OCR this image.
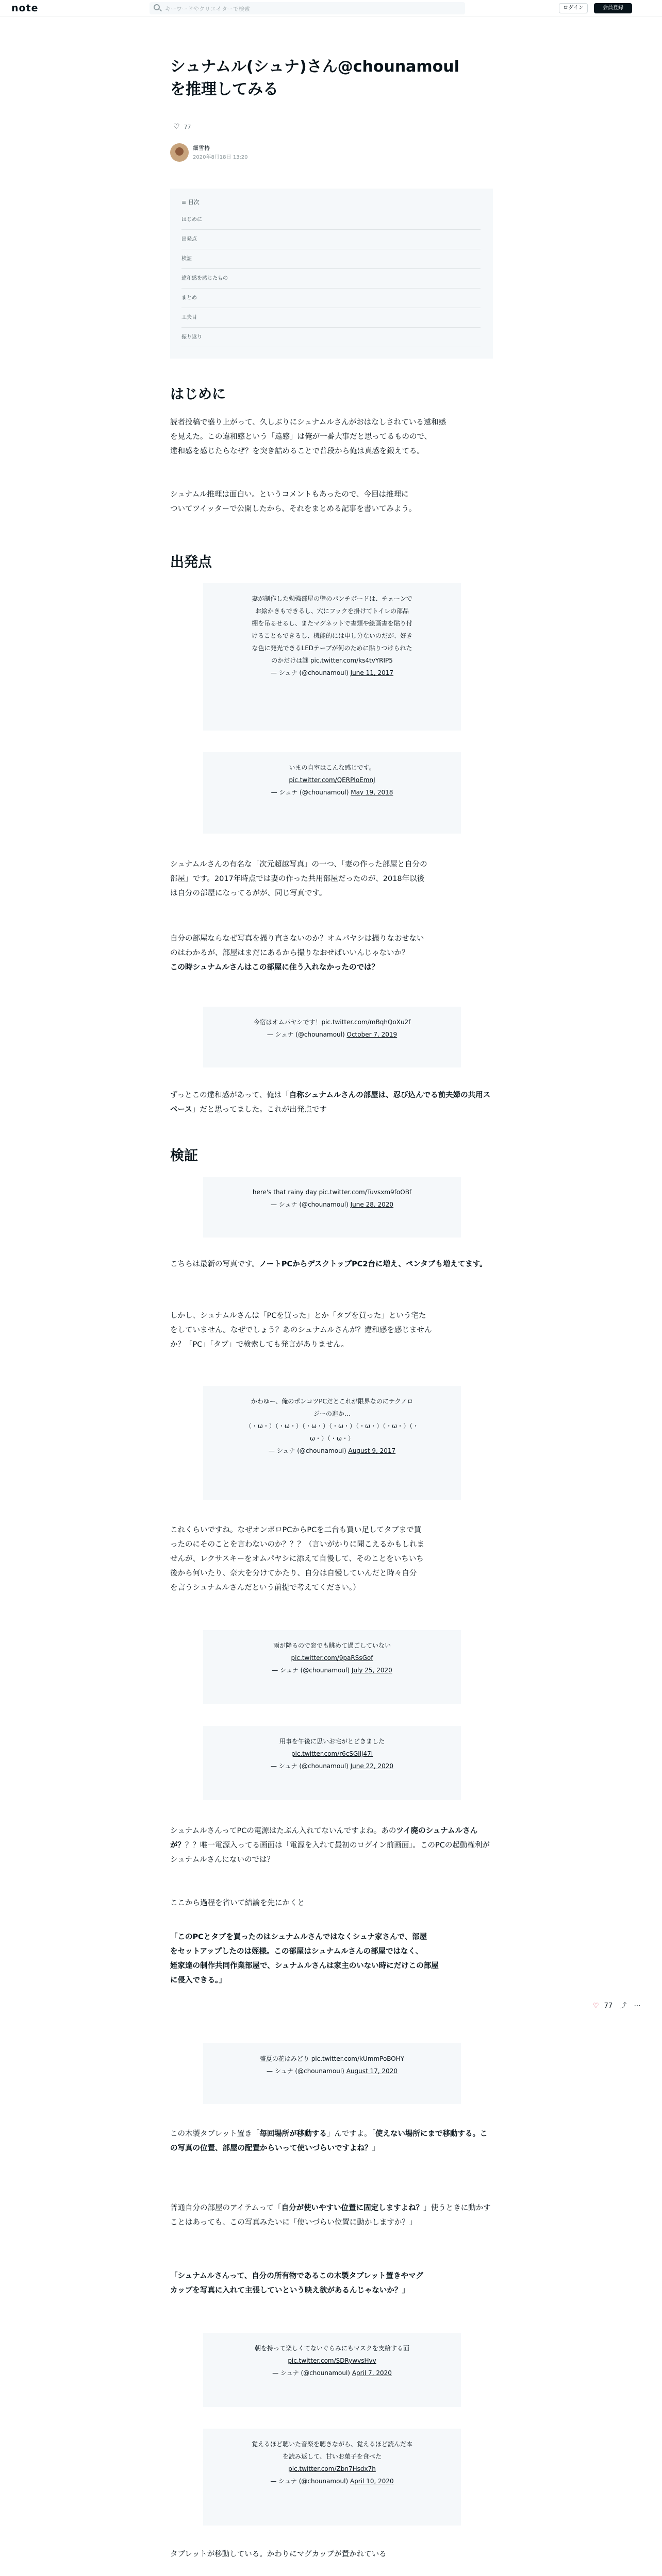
note	キーワードやクリエイターで検索	ログイン	会員登録
シュナムル(シュナ)さん@chounamoul
を推理してみる
♡ 77
細雪椿
2020年8月18日 13:20
≡ 目次
はじめに
出発点
検証
違和感を感じたもの
まとめ
工夫目
振り返り
はじめに
読者投稿で盛り上がって、久しぶりにシュナムルさんがおはなしされている遠和感
を見えた。この違和感という「遠感」は俺が一番大事だと思ってるものので、
違和感を感じたらなぜ？を突き詰めることで普段から俺は真感を鍛えてる。
シュナムル推理は面白い。というコメントもあったので、今回は推理に
ついてツイッターで公開したから、それをまとめる記事を書いてみよう。
出発点
妻が制作した勉強部屋の壁のパンチボードは、チェーンで
お絵かきもできるし、穴にフックを掛けてトイレの部品
棚を吊るせるし、またマグネットで書類や絵画書を貼り付
けることもできるし、機能的には申し分ないのだが、好き
な色に発光できるLEDテープが何のために貼りつけられた
のかだけは謎 pic.twitter.com/ks4tvYRIP5
— シュナ (@chounamoul) June 11, 2017
いまの自室はこんな感じです。
pic.twitter.com/QERPIoEmnJ
— シュナ (@chounamoul) May 19, 2018
シュナムルさんの有名な「次元超越写真」の一つ、「妻の作った部屋と自分の
部屋」です。2017年時点では妻の作った共用部屋だったのが、2018年以後
は自分の部屋になってるがが、同じ写真です。
自分の部屋ならなぜ写真を撮り直さないのか？オムパヤシは撮りなおせない
のはわかるが、部屋はまだにあるから撮りなおせばいいんじゃないか？
この時シュナムルさんはこの部屋に住う入れなかったのでは？
今宿はオムパヤシです！pic.twitter.com/mBqhQoXu2f
— シュナ (@chounamoul) October 7, 2019
ずっとこの違和感があって、俺は「自称シュナムルさんの部屋は、忍び込んでる前夫婦の共用スペース」だと思ってました。これが出発点です
検証
here's that rainy day pic.twitter.com/Tuvsxm9foOBf
— シュナ (@chounamoul) June 28, 2020
こちらは最新の写真です。ノートPCからデスクトップPC2台に増え、ペンタブも増えてます。
しかし、シュナムルさんは「PCを買った」とか「タブを買った」という宅た
をしていません。なぜでしょう？あのシュナムルさんが？違和感を感じません
か？「PC」「タブ」で検索しても発言がありません。
かわゆー、俺のポンコツPCだとこれが限界なのにテクノロ
ジーの進か…
（・ω・）（・ω・）（・ω・）（・ω・）（・ω・）（・ω・）（・
ω・）（・ω・）
— シュナ (@chounamoul) August 9, 2017
これくらいですね。なぜオンボロPCからPCを二台も買い足してタブまで買
ったのにそのことを言わないのか？？？（言いがかりに聞こえるかもしれま
せんが、レクサスキーをオムパヤシに添えて自慢して、そのことをいちいち
後から何いたり、奈大を分けてかたり、自分は自慢していんだと時々自分
を言うシュナムルさんだという前提で考えてください。）
雨が降るので窓でも眺めて過ごしていない
pic.twitter.com/9paRSsGof
— シュナ (@chounamoul) July 25, 2020
用事を午後に思いお宅がとどきました
pic.twitter.com/r6cSGIlj47i
— シュナ (@chounamoul) June 22, 2020
シュナムルさんってPCの電源はたぶん入れてないんですよね。あのツイ廃のシュナムルさんが？？？唯一電源入ってる画面は「電源を入れて最初のログイン前画面」。このPCの起動権利がシュナムルさんにないのでは？
ここから過程を省いて結論を先にかくと
「このPCとタブを買ったのはシュナムルさんではなくシュナ家さんで、部屋
をセットアップしたのは姪様。この部屋はシュナムルさんの部屋ではなく、
姪家達の制作共同作業部屋で、シュナムルさんは家主のいない時にだけこの部屋
に侵入できる。」
盛夏の花はみどり pic.twitter.com/kUmmPoBOHY
— シュナ (@chounamoul) August 17, 2020
この木製タブレット置き「毎回場所が移動する」んですよ。「使えない場所にまで移動する。この写真の位置、部屋の配置からいって使いづらいですよね？」
普通自分の部屋のアイテムって「自分が使いやすい位置に固定しますよね？」使うときに動かすことはあっても、この写真みたいに「使いづらい位置に動かしますか？」
「シュナムルさんって、自分の所有物であるこの木製タブレット置きやマグ
カップを写真に入れて主張していという映え欲があるんじゃないか？」
朝を持って楽しくてないぐらみにもマスクを支給する面
pic.twitter.com/SDRywvsHvv
— シュナ (@chounamoul) April 7, 2020
覚えるほど聴いた音楽を聴きながら、覚えるほど読んだ本
を読み返して、甘いお菓子を食べた
pic.twitter.com/Zbn7Hsdx7h
— シュナ (@chounamoul) April 10, 2020
タブレットが移動している。かわりにマグカップが置かれている
♡ 77 ⤴ ⋯
